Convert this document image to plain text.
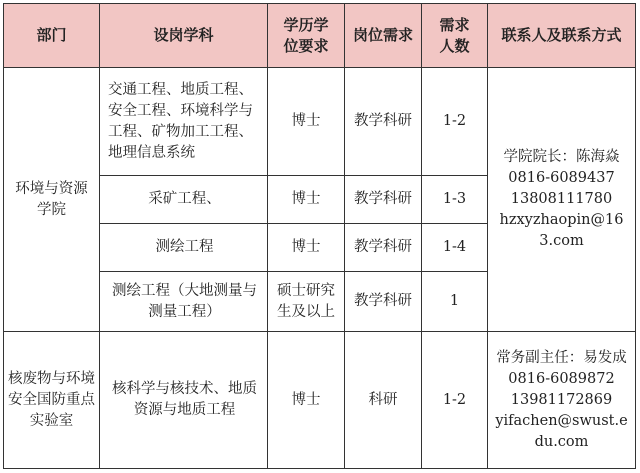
部门	设岗学科	学历学位要求	岗位需求	需求人数	联系人及联系方式
环境与资源学院	交通工程、地质工程、安全工程、环境科学与工程、矿物加工工程、地理信息系统	博士	教学科研	1-2	学院院长：陈海焱
0816-6089437
13808111780
hzxyzhaopin@163.com

	采矿工程、	博士	教学科研	1-3	
	测绘工程	博士	教学科研	1-4	
	测绘工程（大地测量与测量工程）	硕士研究生及以上	教学科研	1	
核废物与环境安全国防重点实验室	核科学与核技术、地质资源与地质工程	博士	科研	1-2	常务副主任：易发成
0816-6089872
13981172869
yifachen@swust.edu.com
